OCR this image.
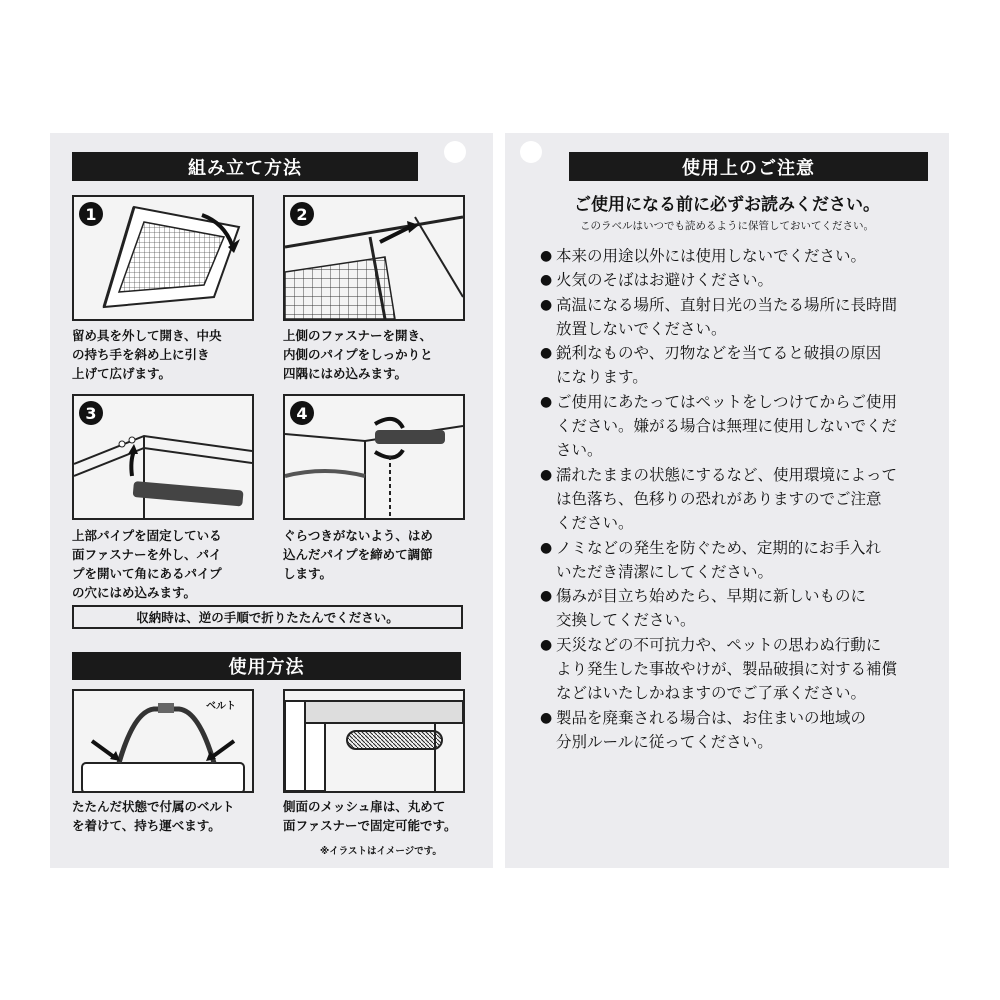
組み立て方法
1
留め具を外して開き、中央
の持ち手を斜め上に引き
上げて広げます。
2
上側のファスナーを開き、
内側のパイプをしっかりと
四隅にはめ込みます。
3
上部パイプを固定している
面ファスナーを外し、パイ
プを開いて角にあるパイプ
の穴にはめ込みます。
4
ぐらつきがないよう、はめ
込んだパイプを締めて調節
します。
収納時は、逆の手順で折りたたんでください。
使用方法
ベルト
たたんだ状態で付属のベルト
を着けて、持ち運べます。
側面のメッシュ扉は、丸めて
面ファスナーで固定可能です。
※イラストはイメージです。
使用上のご注意
ご使用になる前に必ずお読みください。
このラベルはいつでも読めるように保管しておいてください。
● 本来の用途以外には使用しないでください。
● 火気のそばはお避けください。
● 高温になる場所、直射日光の当たる場所に長時間
放置しないでください。
● 鋭利なものや、刃物などを当てると破損の原因
になります。
● ご使用にあたってはペットをしつけてからご使用
ください。嫌がる場合は無理に使用しないでくだ
さい。
● 濡れたままの状態にするなど、使用環境によって
は色落ち、色移りの恐れがありますのでご注意
ください。
● ノミなどの発生を防ぐため、定期的にお手入れ
いただき清潔にしてください。
● 傷みが目立ち始めたら、早期に新しいものに
交換してください。
● 天災などの不可抗力や、ペットの思わぬ行動に
より発生した事故やけが、製品破損に対する補償
などはいたしかねますのでご了承ください。
● 製品を廃棄される場合は、お住まいの地域の
分別ルールに従ってください。
